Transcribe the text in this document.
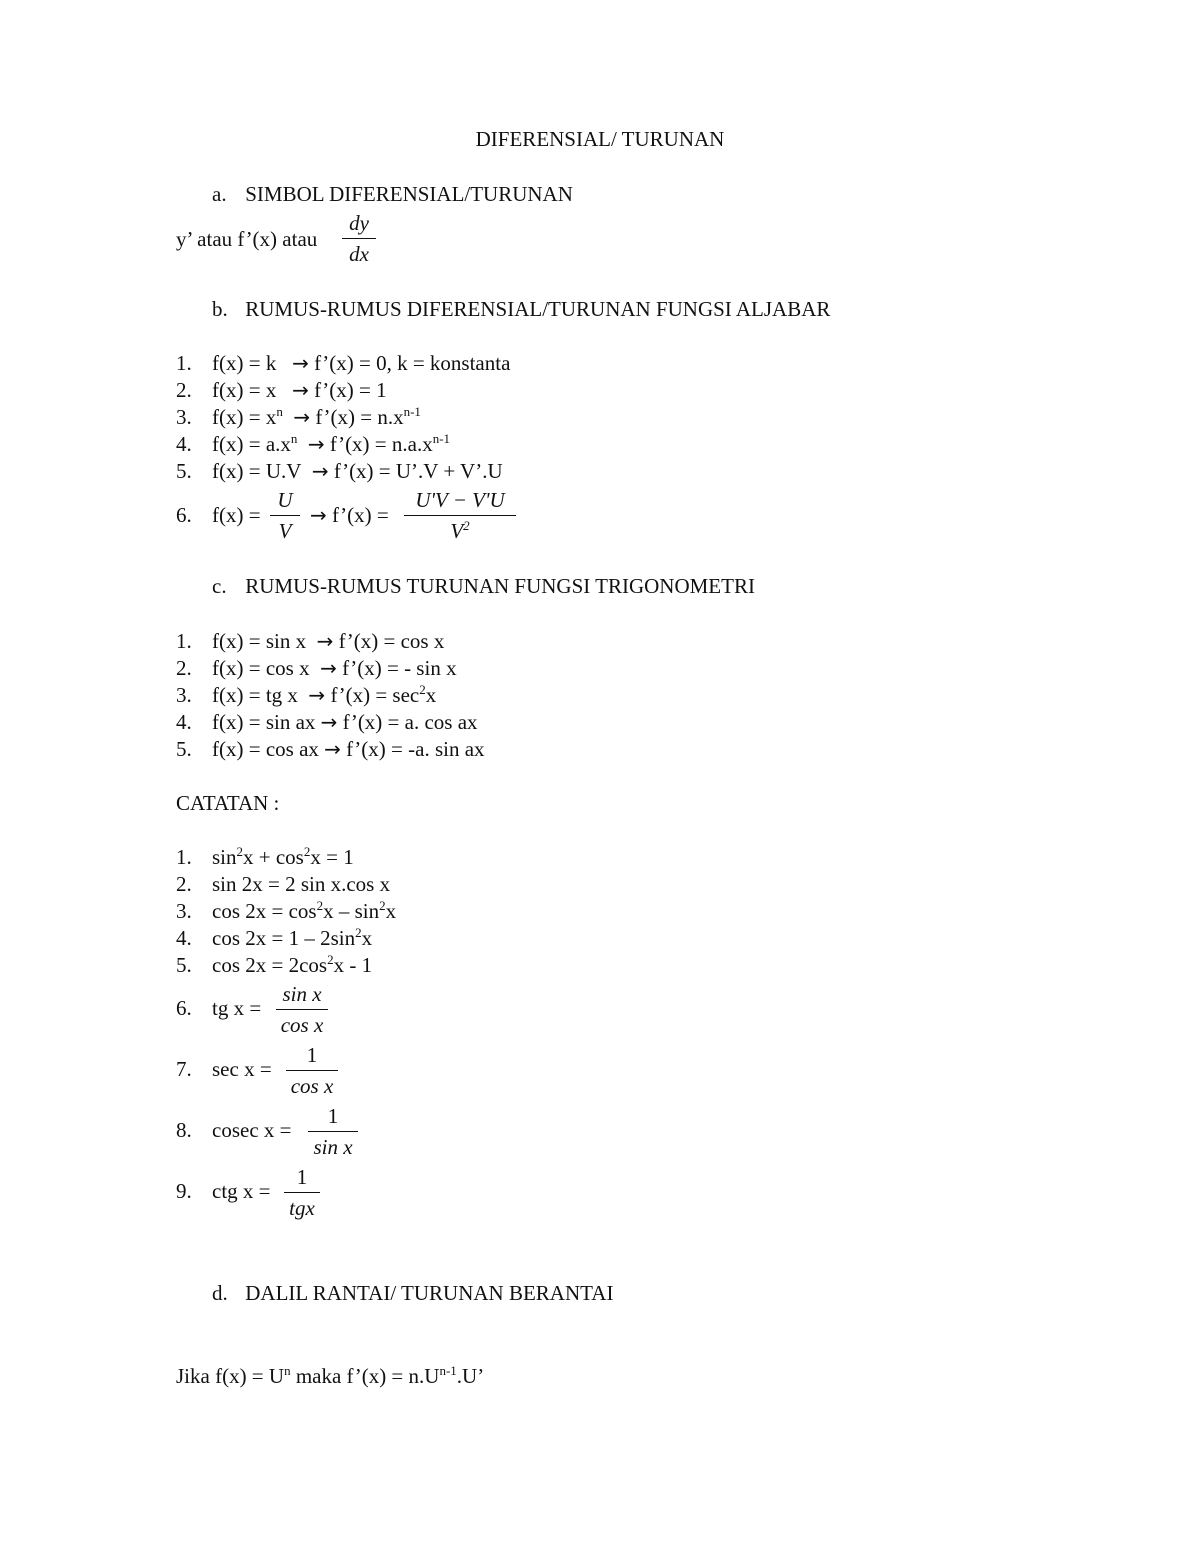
DIFERENSIAL/ TURUNAN
a. SIMBOL DIFERENSIAL/TURUNAN
y’ atau f’(x) atau
dy
dx
b. RUMUS-RUMUS DIFERENSIAL/TURUNAN FUNGSI ALJABAR
1. f(x) = k → f’(x) = 0, k = konstanta
2. f(x) = x → f’(x) = 1
3. $f(x) = x^n$ → f’(x) = $n.x^{n-1}$
4. $f(x) = a.x^n$ → f’(x) = $n.a.x^{n-1}$
5. f(x) = U.V → f’(x) = U’.V + V’.U
6. f(x) =
U
V
→ f’(x) =
U'V − V'U
$V^2$
c. RUMUS-RUMUS TURUNAN FUNGSI TRIGONOMETRI
1. f(x) = sin x → f’(x) = cos x
2. f(x) = cos x → f’(x) = - sin x
3. f(x) = tg x → f’(x) = $\sec^2x$
4. f(x) = sin ax → f’(x) = a. cos ax
5. f(x) = cos ax → f’(x) = -a. sin ax
CATATAN :
1. $\sin^2x + \cos^2x = 1$
2. sin 2x = 2 sin x.cos x
3. $\cos 2x = \cos^2x - \sin^2x$
4. $\cos 2x = 1 - 2\sin^2x$
5. $\cos 2x = 2\cos^2x - 1$
6. tg x =
sin x
cos x
7. sec x =
1
cos x
8. cosec x =
1
sin x
9. ctg x =
1
tgx
d. DALIL RANTAI/ TURUNAN BERANTAI
Jika $f(x) = U^n$ maka f’(x) = $n.U^{n-1}.U$’
